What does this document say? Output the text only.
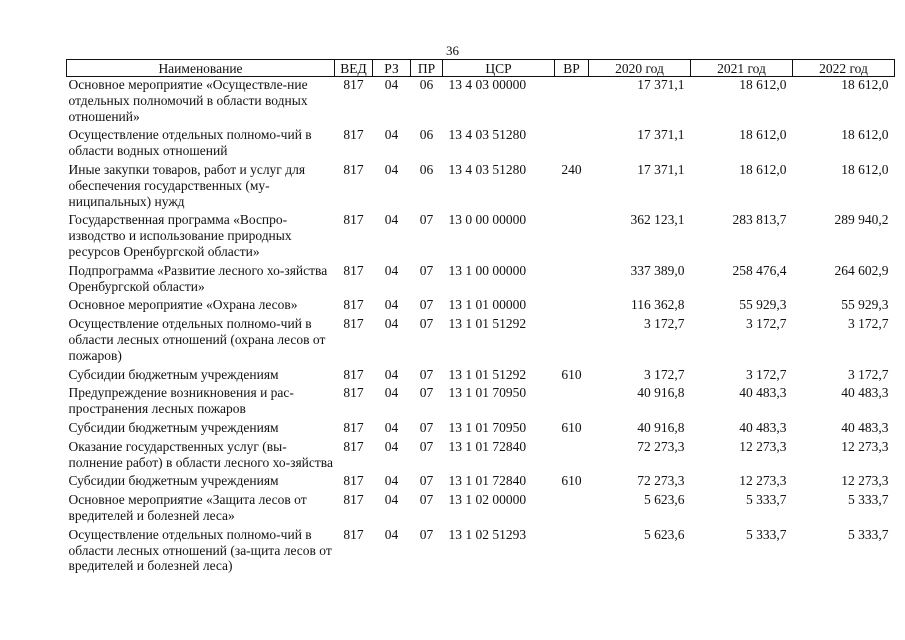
36
Наименование	ВЕД	РЗ	ПР	ЦСР	ВР	2020 год	2021 год	2022 год
Основное мероприятие «Осуществле-ние отдельных полномочий в области водных отношений»	817	04	06	13 4 03 00000		17 371,1	18 612,0	18 612,0
Осуществление отдельных полномо-чий в области водных отношений	817	04	06	13 4 03 51280		17 371,1	18 612,0	18 612,0
Иные закупки товаров, работ и услуг для обеспечения государственных (му-ниципальных) нужд	817	04	06	13 4 03 51280	240	17 371,1	18 612,0	18 612,0
Государственная программа «Воспро-изводство и использование природных ресурсов Оренбургской области»	817	04	07	13 0 00 00000		362 123,1	283 813,7	289 940,2
Подпрограмма «Развитие лесного хо-зяйства Оренбургской области»	817	04	07	13 1 00 00000		337 389,0	258 476,4	264 602,9
Основное мероприятие «Охрана лесов»	817	04	07	13 1 01 00000		116 362,8	55 929,3	55 929,3
Осуществление отдельных полномо-чий в области лесных отношений (охрана лесов от пожаров)	817	04	07	13 1 01 51292		3 172,7	3 172,7	3 172,7
Субсидии бюджетным учреждениям	817	04	07	13 1 01 51292	610	3 172,7	3 172,7	3 172,7
Предупреждение возникновения и рас-пространения лесных пожаров	817	04	07	13 1 01 70950		40 916,8	40 483,3	40 483,3
Субсидии бюджетным учреждениям	817	04	07	13 1 01 70950	610	40 916,8	40 483,3	40 483,3
Оказание государственных услуг (вы-полнение работ) в области лесного хо-зяйства	817	04	07	13 1 01 72840		72 273,3	12 273,3	12 273,3
Субсидии бюджетным учреждениям	817	04	07	13 1 01 72840	610	72 273,3	12 273,3	12 273,3
Основное мероприятие «Защита лесов от вредителей и болезней леса»	817	04	07	13 1 02 00000		5 623,6	5 333,7	5 333,7
Осуществление отдельных полномо-чий в области лесных отношений (за-щита лесов от вредителей и болезней леса)	817	04	07	13 1 02 51293		5 623,6	5 333,7	5 333,7
